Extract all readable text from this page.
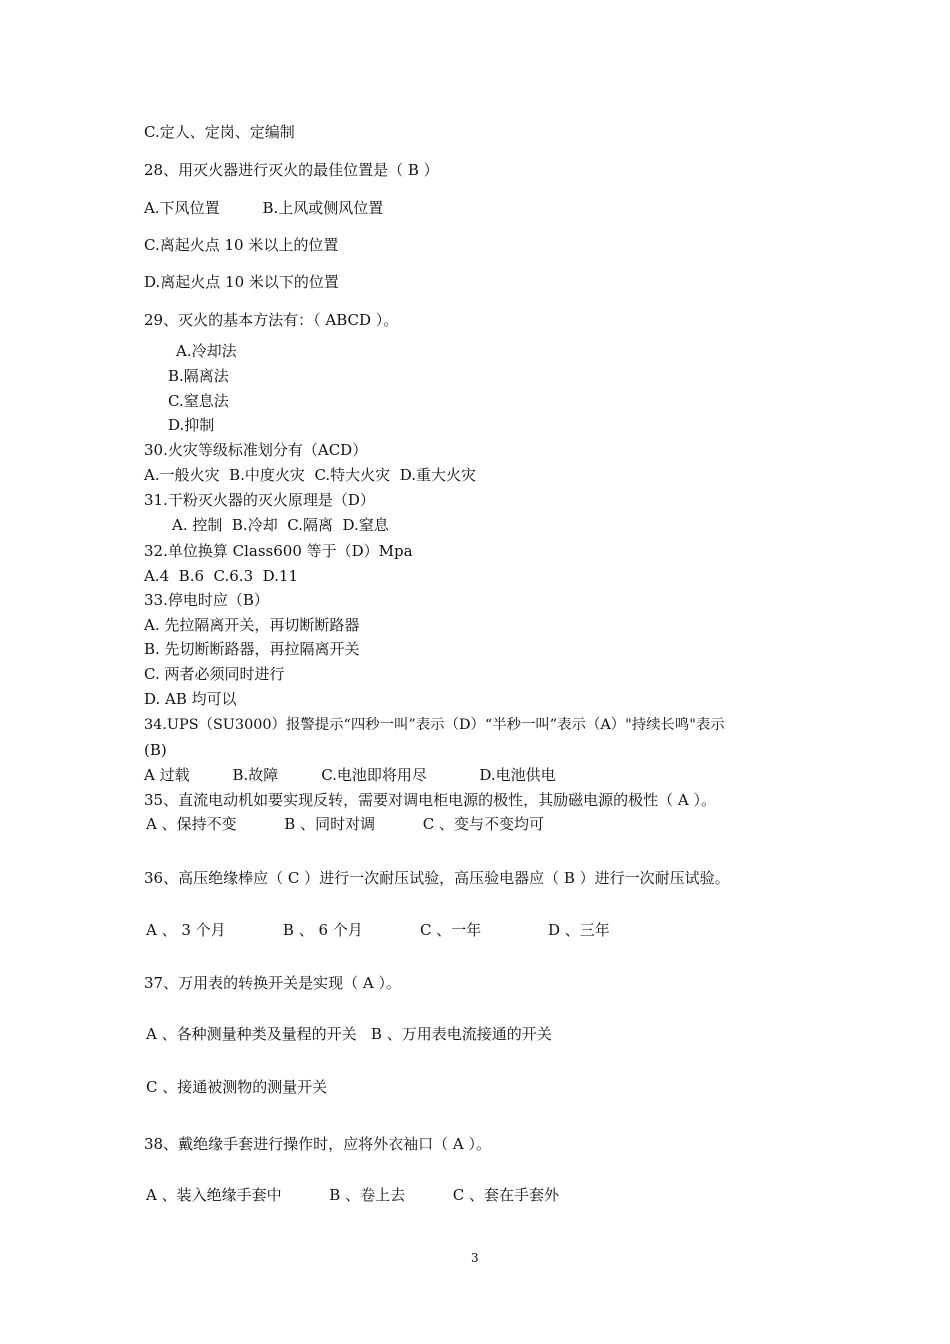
C.定人、定岗、定编制

28、用灭火器进行灭火的最佳位置是（ B ）

A.下风位置         B.上风或侧风位置

C.离起火点 10 米以上的位置

D.离起火点 10 米以下的位置

29、灭火的基本方法有：（ ABCD ）。

A.冷却法

B.隔离法

C.窒息法

D.抑制

30.火灾等级标准划分有（ACD）

A.一般火灾  B.中度火灾  C.特大火灾  D.重大火灾

31.干粉灭火器的灭火原理是（D）

A. 控制  B.冷却  C.隔离  D.窒息

32.单位换算 Class600 等于（D）Mpa

A.4  B.6  C.6.3  D.11

33.停电时应（B）

A. 先拉隔离开关，再切断断路器

B. 先切断断路器，再拉隔离开关

C. 两者必须同时进行

D. AB 均可以

34.UPS（SU3000）报警提示“四秒一叫”表示（D）“半秒一叫”表示（A）"持续长鸣"表示

(B)

A 过载         B.故障         C.电池即将用尽           D.电池供电

35、直流电动机如要实现反转，需要对调电柜电源的极性，其励磁电源的极性（ A ）。

A 、保持不变          B 、同时对调          C 、变与不变均可

36、高压绝缘棒应（ C ）进行一次耐压试验，高压验电器应（ B ）进行一次耐压试验。

A 、 3 个月            B 、 6 个月            C 、一年              D 、三年

37、万用表的转换开关是实现（ A ）。

A 、各种测量种类及量程的开关   B 、万用表电流接通的开关

C 、接通被测物的测量开关

38、戴绝缘手套进行操作时，应将外衣袖口（ A ）。

A 、装入绝缘手套中          B 、卷上去          C 、套在手套外

3
